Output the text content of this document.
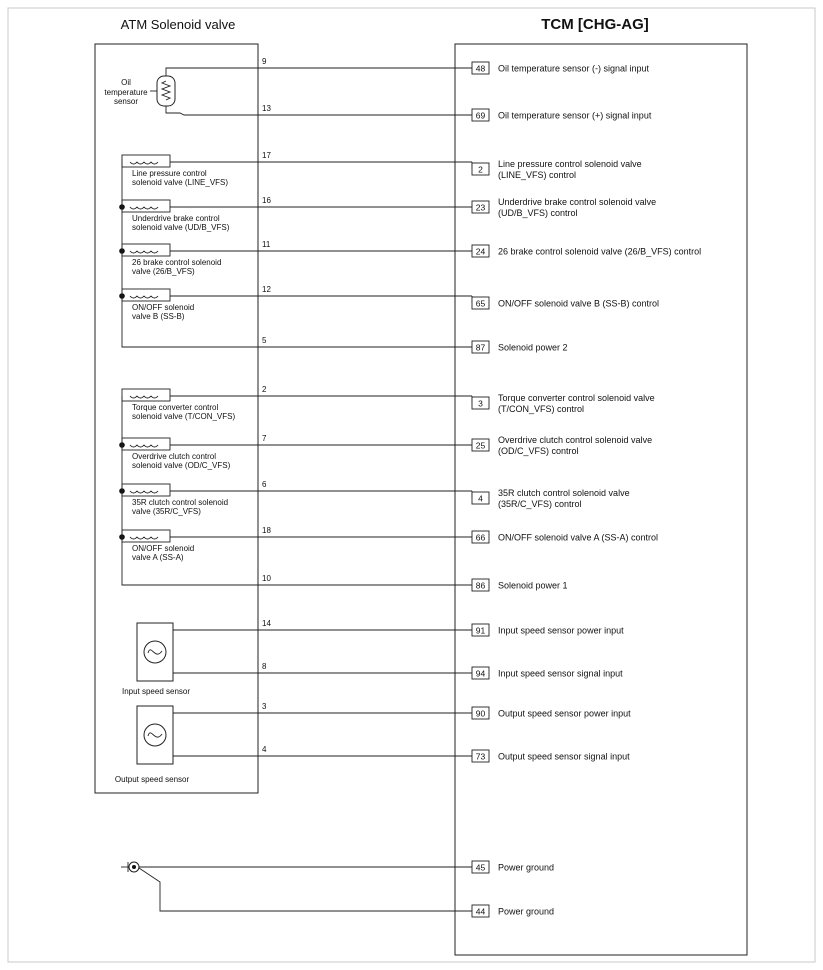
ATM Solenoid valve	TCM [CHG-AG]
Oil
temperature
sensor
Input speed sensor
Output speed sensor
9
48 Oil temperature sensor (-) signal input
13
69 Oil temperature sensor (+) signal input
17
2
Line pressure control solenoid valve
(LINE_VFS) control
16
23
Underdrive brake control solenoid valve
(UD/B_VFS) control
11
24 26 brake control solenoid valve (26/B_VFS) control
12
65 ON/OFF solenoid valve B (SS-B) control
5
87 Solenoid power 2
2
3
Torque converter control solenoid valve
(T/CON_VFS) control
7
25
Overdrive clutch control solenoid valve
(OD/C_VFS) control
6
4
35R clutch control solenoid valve
(35R/C_VFS) control
18
66 ON/OFF solenoid valve A (SS-A) control
10
86 Solenoid power 1
14
91 Input speed sensor power input
8
94 Input speed sensor signal input
3
90 Output speed sensor power input
4
73 Output speed sensor signal input
45 Power ground
44 Power ground
Line pressure control
solenoid valve (LINE_VFS)
Underdrive brake control
solenoid valve (UD/B_VFS)
26 brake control solenoid
valve (26/B_VFS)
ON/OFF solenoid
valve B (SS-B)
Torque converter control
solenoid valve (T/CON_VFS)
Overdrive clutch control
solenoid valve (OD/C_VFS)
35R clutch control solenoid
valve (35R/C_VFS)
ON/OFF solenoid
valve A (SS-A)
